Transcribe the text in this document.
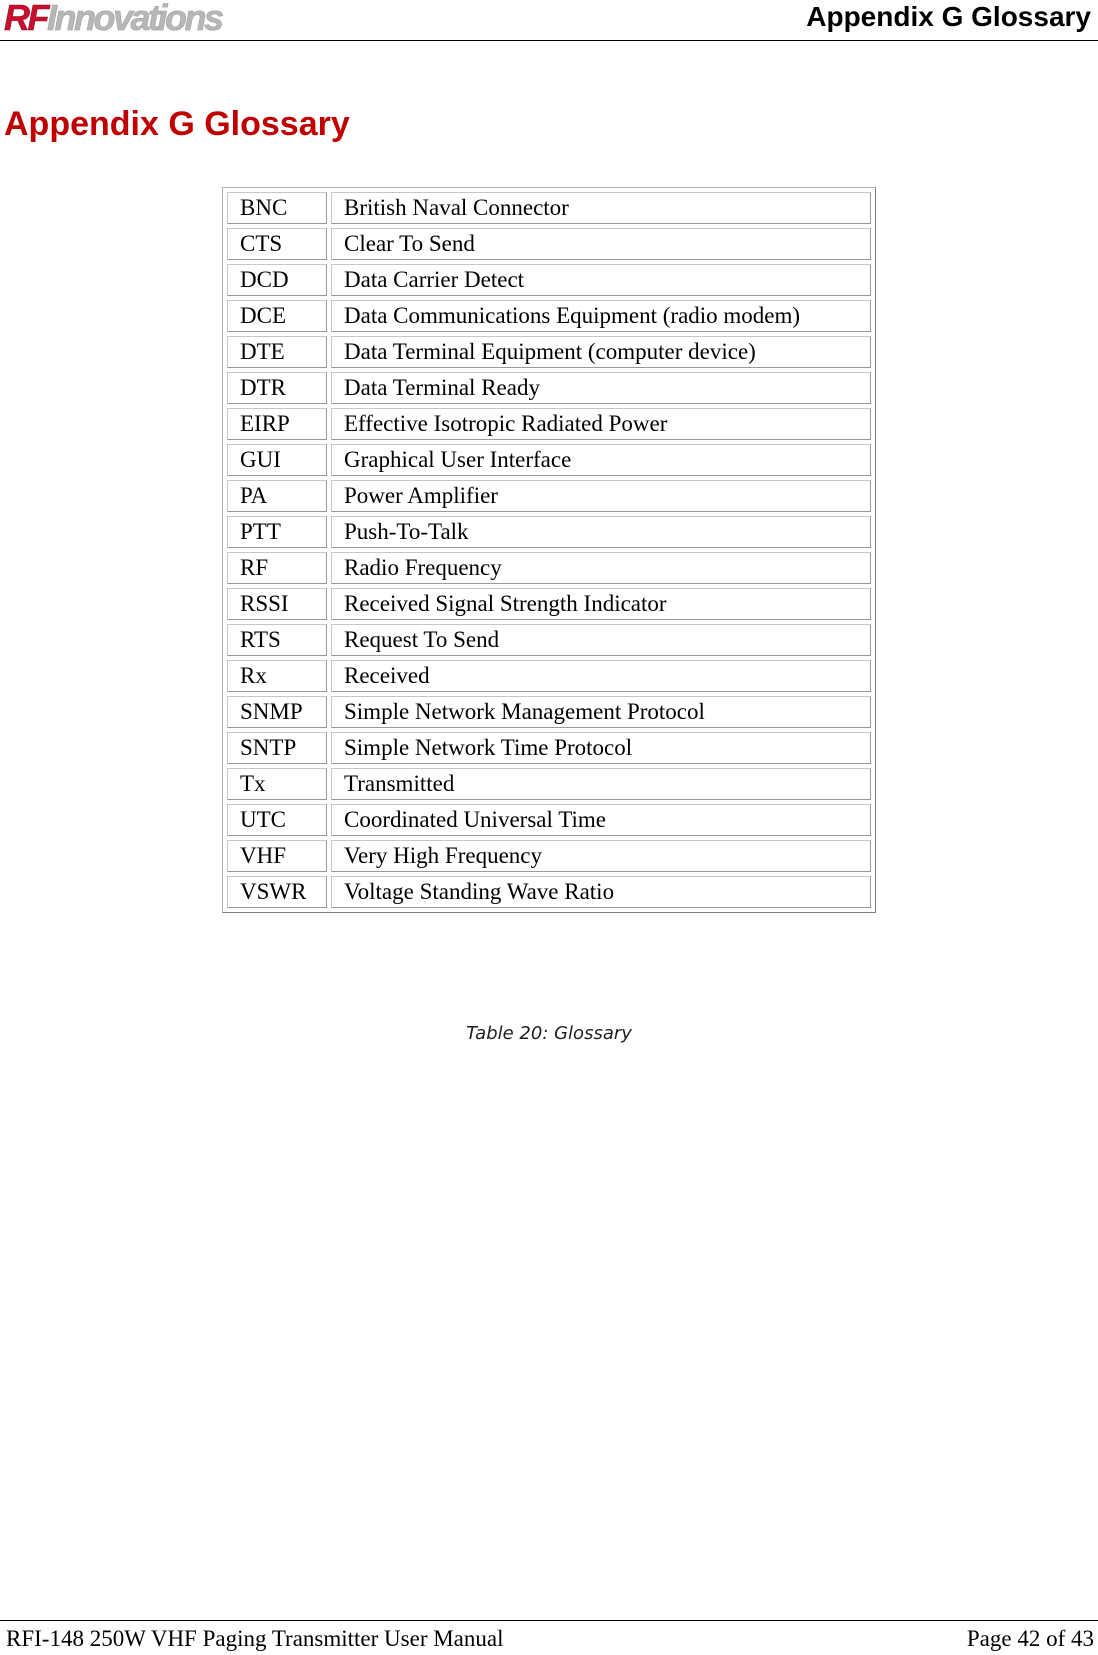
RF Innovations	Appendix G Glossary
Appendix G Glossary
BNC	British Naval Connector
CTS	Clear To Send
DCD	Data Carrier Detect
DCE	Data Communications Equipment (radio modem)
DTE	Data Terminal Equipment (computer device)
DTR	Data Terminal Ready
EIRP	Effective Isotropic Radiated Power
GUI	Graphical User Interface
PA	Power Amplifier
PTT	Push-To-Talk
RF	Radio Frequency
RSSI	Received Signal Strength Indicator
RTS	Request To Send
Rx	Received
SNMP	Simple Network Management Protocol
SNTP	Simple Network Time Protocol
Tx	Transmitted
UTC	Coordinated Universal Time
VHF	Very High Frequency
VSWR	Voltage Standing Wave Ratio
Table 20: Glossary
RFI-148 250W VHF Paging Transmitter User Manual	Page 42 of 43
